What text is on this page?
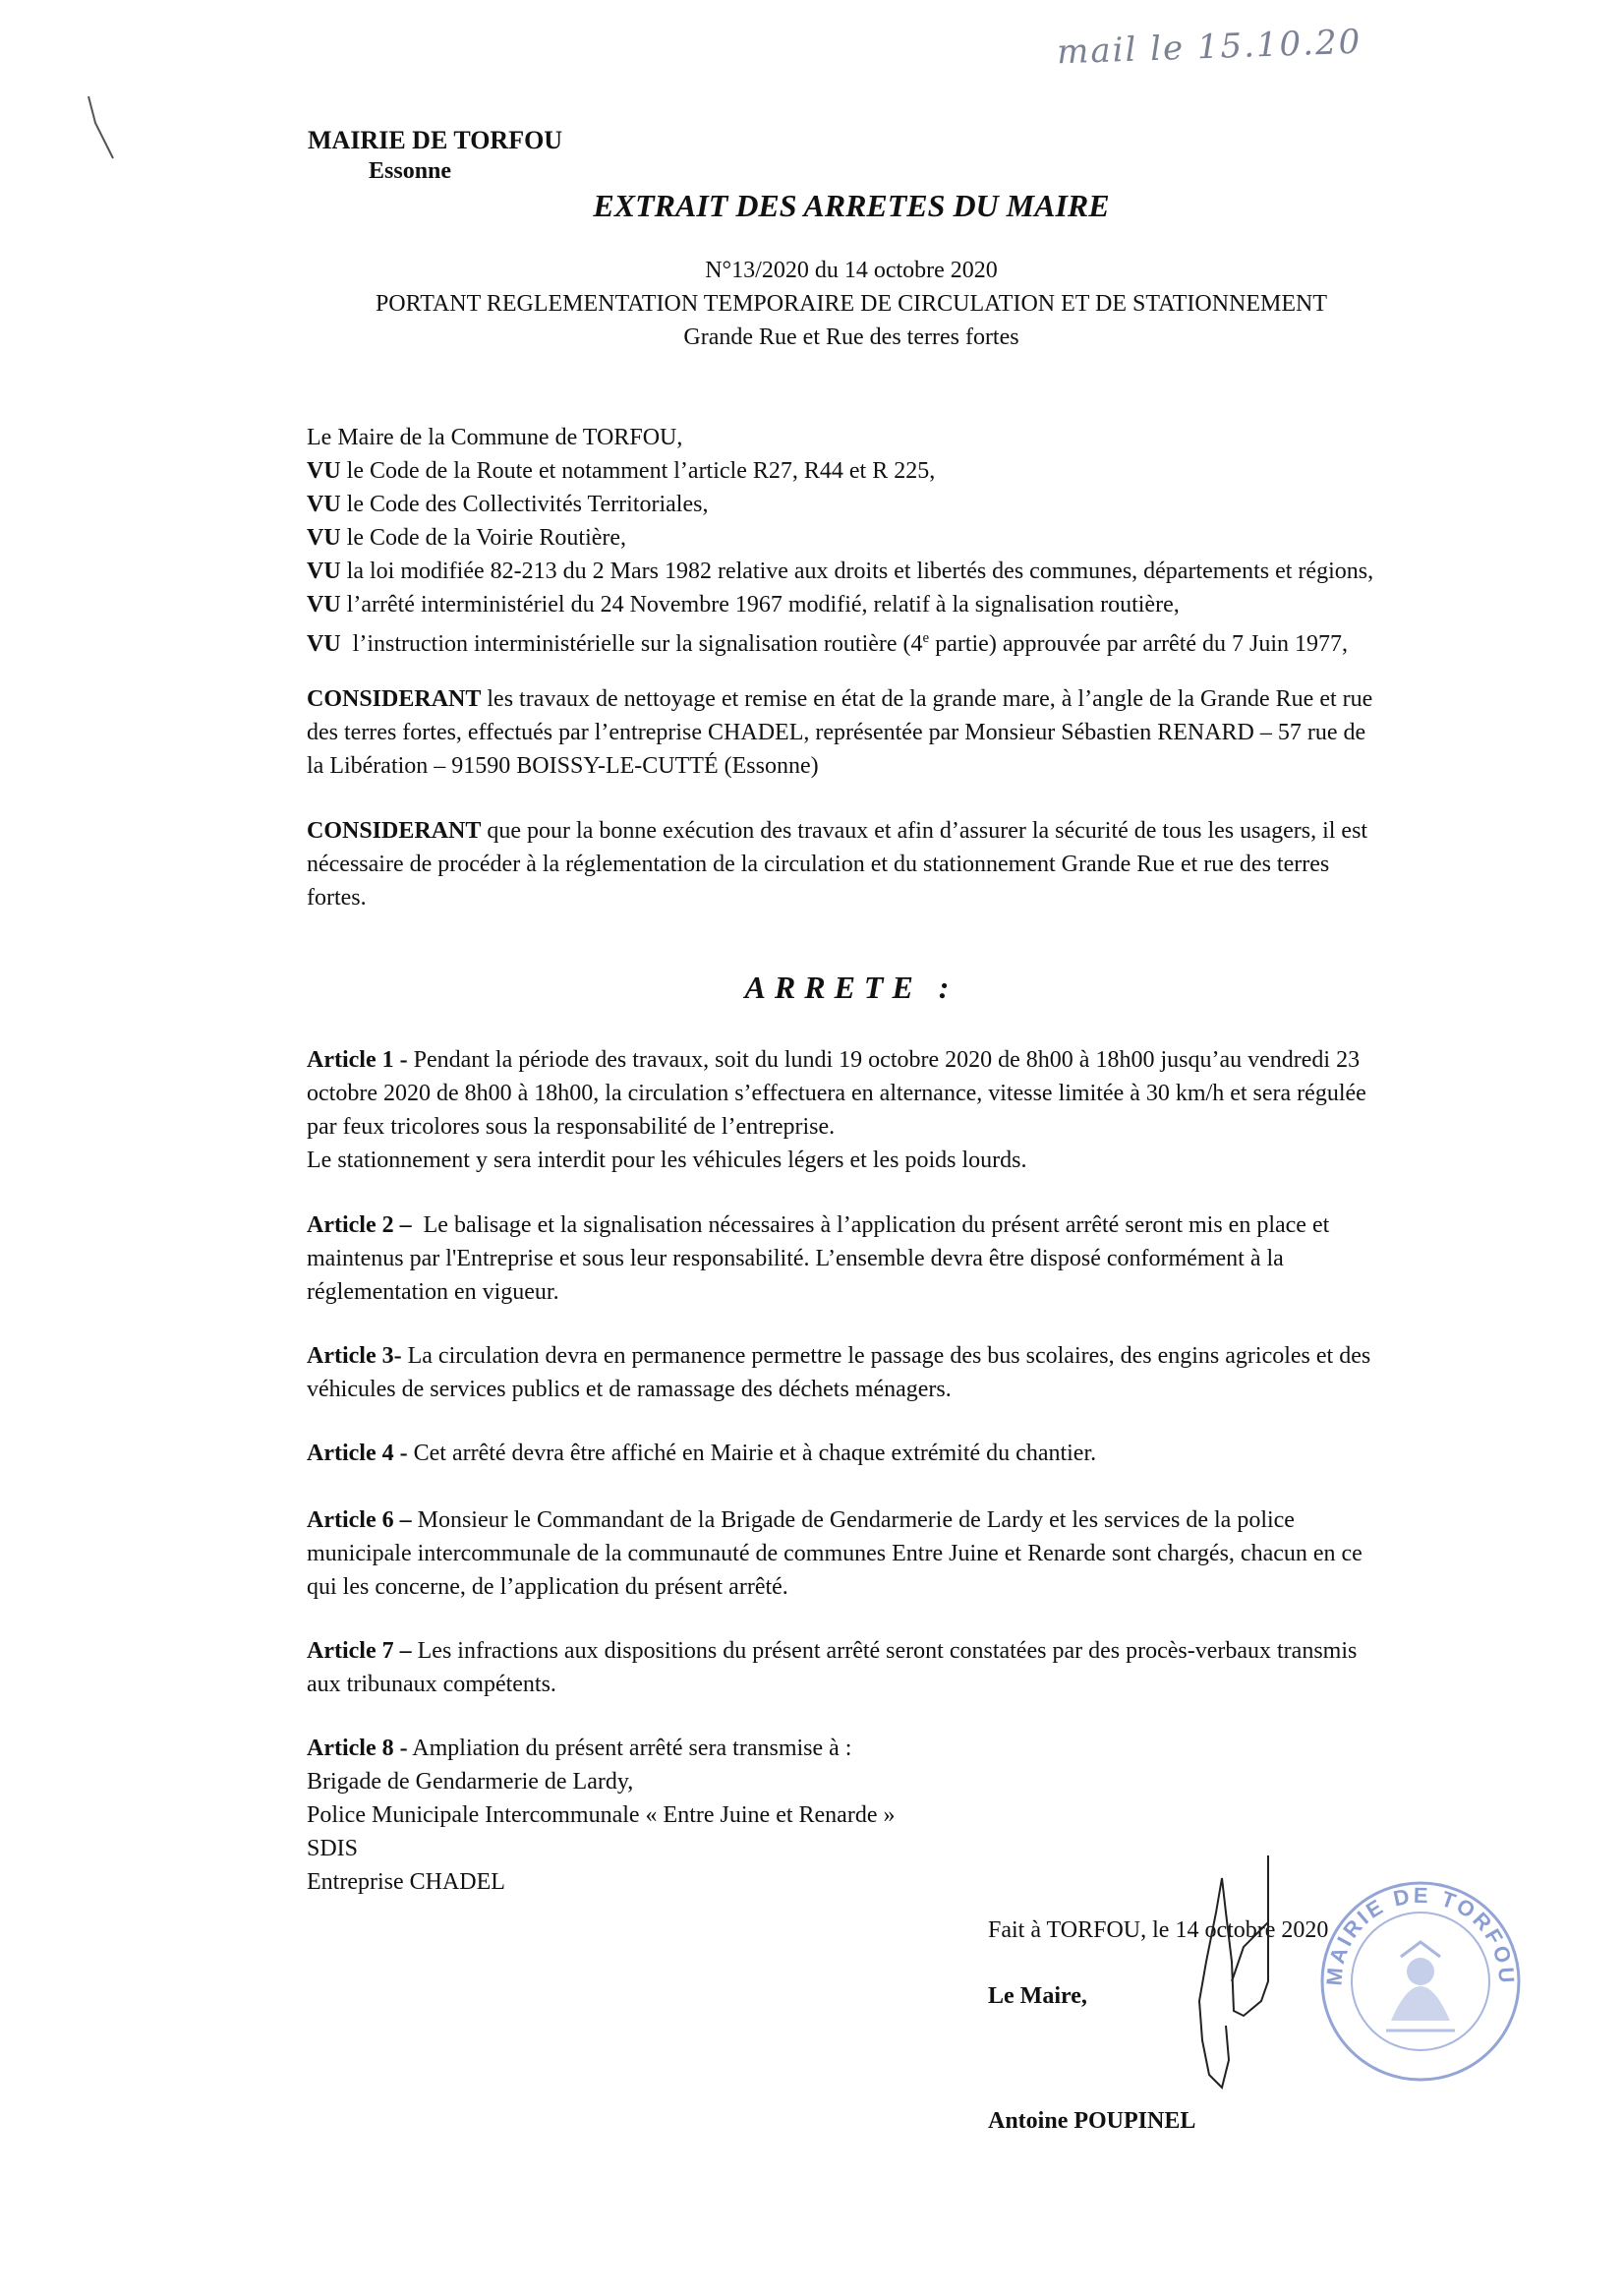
mail le 15.10.20
MAIRIE DE TORFOU
Essonne
EXTRAIT DES ARRETES DU MAIRE
N°13/2020 du 14 octobre 2020
PORTANT REGLEMENTATION TEMPORAIRE DE CIRCULATION ET DE STATIONNEMENT
Grande Rue et Rue des terres fortes
Le Maire de la Commune de TORFOU,
VU le Code de la Route et notamment l’article R27, R44 et R 225,
VU le Code des Collectivités Territoriales,
VU le Code de la Voirie Routière,
VU la loi modifiée 82-213 du 2 Mars 1982 relative aux droits et libertés des communes, départements et régions,
VU l’arrêté interministériel du 24 Novembre 1967 modifié, relatif à la signalisation routière,
VU  l’instruction interministérielle sur la signalisation routière (4e partie) approuvée par arrêté du 7 Juin 1977,
CONSIDERANT les travaux de nettoyage et remise en état de la grande mare, à l’angle de la Grande Rue et rue
des terres fortes, effectués par l’entreprise CHADEL, représentée par Monsieur Sébastien RENARD – 57 rue de
la Libération – 91590 BOISSY-LE-CUTTÉ (Essonne)
CONSIDERANT que pour la bonne exécution des travaux et afin d’assurer la sécurité de tous les usagers, il est
nécessaire de procéder à la réglementation de la circulation et du stationnement Grande Rue et rue des terres
fortes.
ARRETE :
Article 1 - Pendant la période des travaux, soit du lundi 19 octobre 2020 de 8h00 à 18h00 jusqu’au vendredi 23
octobre 2020 de 8h00 à 18h00, la circulation s’effectuera en alternance, vitesse limitée à 30 km/h et sera régulée
par feux tricolores sous la responsabilité de l’entreprise.
Le stationnement y sera interdit pour les véhicules légers et les poids lourds.
Article 2 –  Le balisage et la signalisation nécessaires à l’application du présent arrêté seront mis en place et
maintenus par l'Entreprise et sous leur responsabilité. L’ensemble devra être disposé conformément à la
réglementation en vigueur.
Article 3- La circulation devra en permanence permettre le passage des bus scolaires, des engins agricoles et des
véhicules de services publics et de ramassage des déchets ménagers.
Article 4 - Cet arrêté devra être affiché en Mairie et à chaque extrémité du chantier.
Article 6 – Monsieur le Commandant de la Brigade de Gendarmerie de Lardy et les services de la police
municipale intercommunale de la communauté de communes Entre Juine et Renarde sont chargés, chacun en ce
qui les concerne, de l’application du présent arrêté.
Article 7 – Les infractions aux dispositions du présent arrêté seront constatées par des procès-verbaux transmis
aux tribunaux compétents.
Article 8 - Ampliation du présent arrêté sera transmise à :
Brigade de Gendarmerie de Lardy,
Police Municipale Intercommunale « Entre Juine et Renarde »
SDIS
Entreprise CHADEL
Fait à TORFOU, le 14 octobre 2020
Le Maire,
Antoine POUPINEL
MAIRIE DE TORFOU
